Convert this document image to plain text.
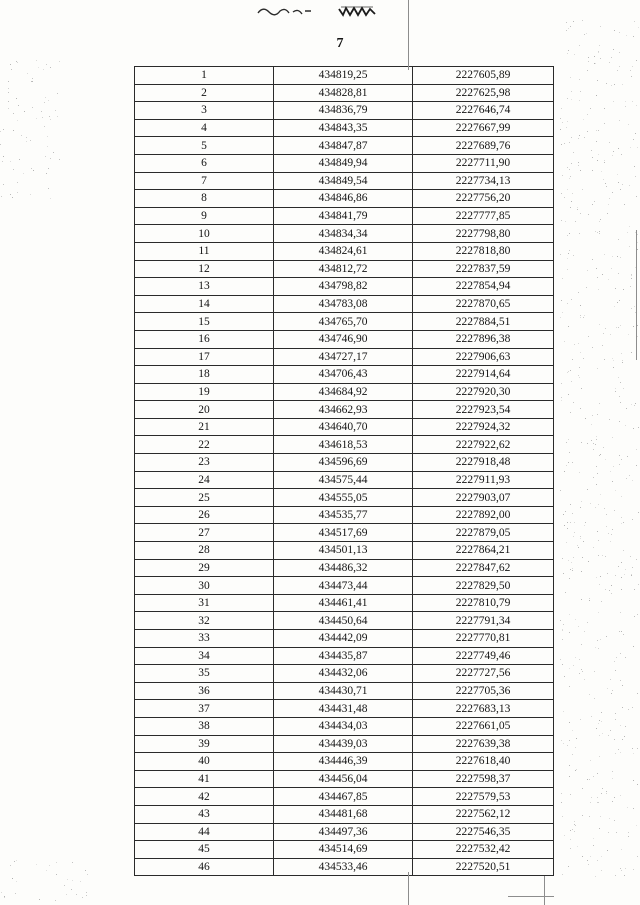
7
1	434819,25	2227605,89
2	434828,81	2227625,98
3	434836,79	2227646,74
4	434843,35	2227667,99
5	434847,87	2227689,76
6	434849,94	2227711,90
7	434849,54	2227734,13
8	434846,86	2227756,20
9	434841,79	2227777,85
10	434834,34	2227798,80
11	434824,61	2227818,80
12	434812,72	2227837,59
13	434798,82	2227854,94
14	434783,08	2227870,65
15	434765,70	2227884,51
16	434746,90	2227896,38
17	434727,17	2227906,63
18	434706,43	2227914,64
19	434684,92	2227920,30
20	434662,93	2227923,54
21	434640,70	2227924,32
22	434618,53	2227922,62
23	434596,69	2227918,48
24	434575,44	2227911,93
25	434555,05	2227903,07
26	434535,77	2227892,00
27	434517,69	2227879,05
28	434501,13	2227864,21
29	434486,32	2227847,62
30	434473,44	2227829,50
31	434461,41	2227810,79
32	434450,64	2227791,34
33	434442,09	2227770,81
34	434435,87	2227749,46
35	434432,06	2227727,56
36	434430,71	2227705,36
37	434431,48	2227683,13
38	434434,03	2227661,05
39	434439,03	2227639,38
40	434446,39	2227618,40
41	434456,04	2227598,37
42	434467,85	2227579,53
43	434481,68	2227562,12
44	434497,36	2227546,35
45	434514,69	2227532,42
46	434533,46	2227520,51
